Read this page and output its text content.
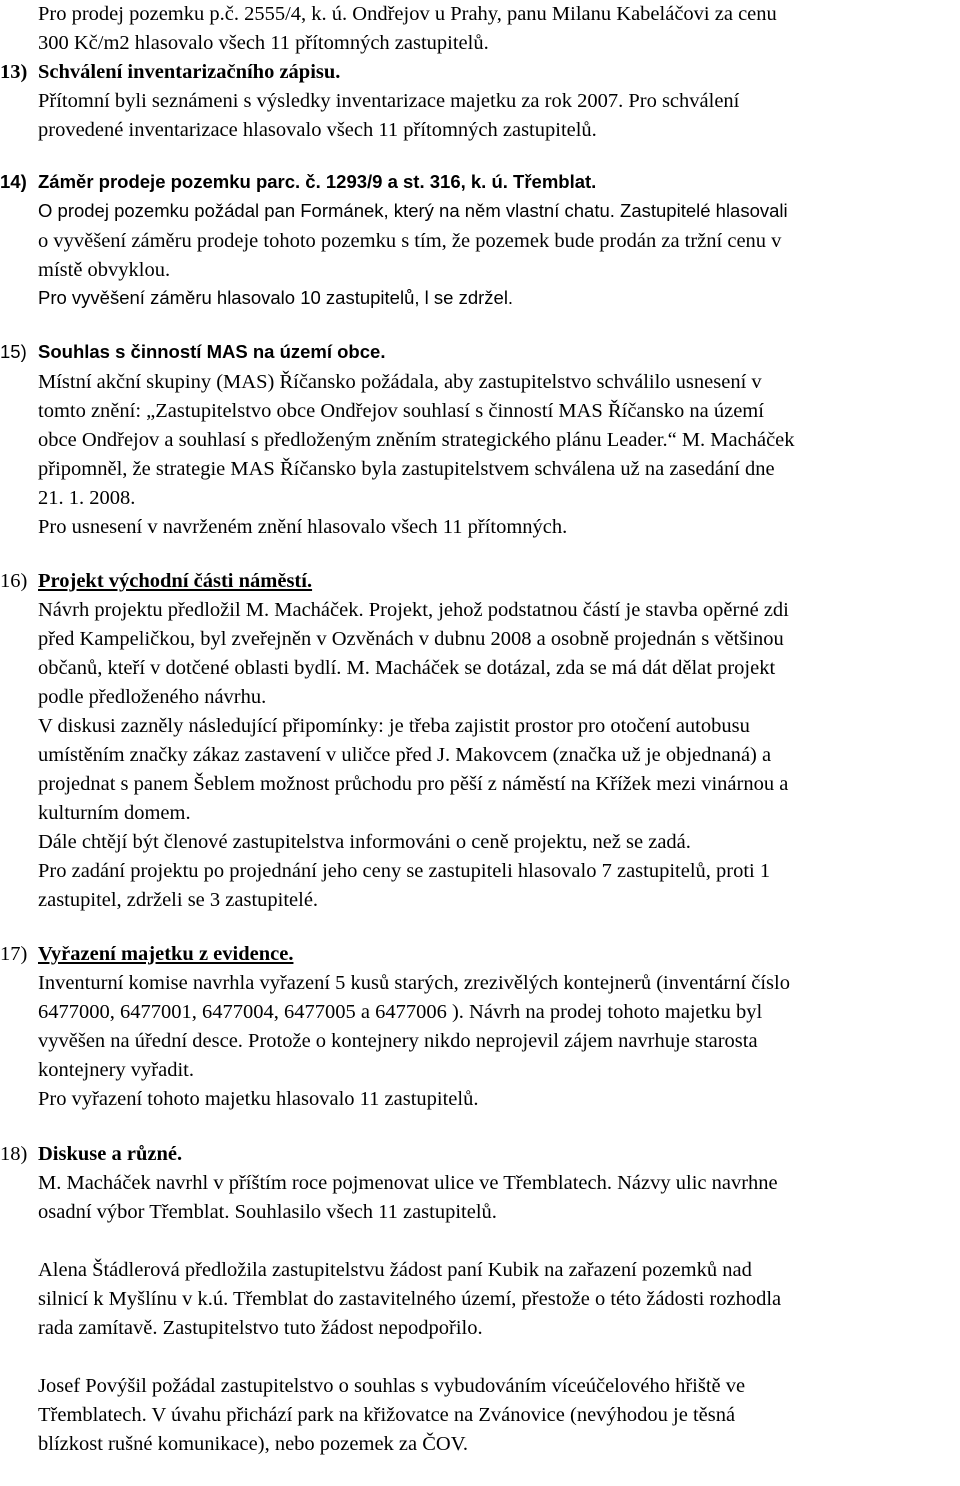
Pro prodej pozemku p.č. 2555/4, k. ú. Ondřejov u Prahy, panu Milanu Kabeláčovi za cenu
300 Kč/m2 hlasovalo všech 11 přítomných zastupitelů.
13) Schválení inventarizačního zápisu.
Přítomní byli seznámeni s výsledky inventarizace majetku za rok 2007. Pro schválení
provedené inventarizace hlasovalo všech 11 přítomných zastupitelů.
14) Záměr prodeje pozemku parc. č. 1293/9 a st. 316, k. ú. Třemblat.
O prodej pozemku požádal pan Formánek, který na něm vlastní chatu. Zastupitelé hlasovali
o vyvěšení záměru prodeje tohoto pozemku s tím, že pozemek bude prodán za tržní cenu v
místě obvyklou.
Pro vyvěšení záměru hlasovalo 10 zastupitelů, l se zdržel.
15) Souhlas s činností MAS na území obce.
Místní akční skupiny (MAS) Říčansko požádala, aby zastupitelstvo schválilo usnesení v
tomto znění: „Zastupitelstvo obce Ondřejov souhlasí s činností MAS Říčansko na území
obce Ondřejov a souhlasí s předloženým zněním strategického plánu Leader.“ M. Macháček
připomněl, že strategie MAS Říčansko byla zastupitelstvem schválena už na zasedání dne
21. 1. 2008.
Pro usnesení v navrženém znění hlasovalo všech 11 přítomných.
16) Projekt východní části náměstí.
Návrh projektu předložil M. Macháček. Projekt, jehož podstatnou částí je stavba opěrné zdi
před Kampeličkou, byl zveřejněn v Ozvěnách v dubnu 2008 a osobně projednán s většinou
občanů, kteří v dotčené oblasti bydlí. M. Macháček se dotázal, zda se má dát dělat projekt
podle předloženého návrhu.
V diskusi zazněly následující připomínky: je třeba zajistit prostor pro otočení autobusu
umístěním značky zákaz zastavení v uličce před J. Makovcem (značka už je objednaná) a
projednat s panem Šeblem možnost průchodu pro pěší z náměstí na Křížek mezi vinárnou a
kulturním domem.
Dále chtějí být členové zastupitelstva informováni o ceně projektu, než se zadá.
Pro zadání projektu po projednání jeho ceny se zastupiteli hlasovalo 7 zastupitelů, proti 1
zastupitel, zdrželi se 3 zastupitelé.
17) Vyřazení majetku z evidence.
Inventurní komise navrhla vyřazení 5 kusů starých, zrezivělých kontejnerů (inventární číslo
6477000, 6477001, 6477004, 6477005 a 6477006 ). Návrh na prodej tohoto majetku byl
vyvěšen na úřední desce. Protože o kontejnery nikdo neprojevil zájem navrhuje starosta
kontejnery vyřadit.
Pro vyřazení tohoto majetku hlasovalo 11 zastupitelů.
18) Diskuse a různé.
M. Macháček navrhl v příštím roce pojmenovat ulice ve Třemblatech. Názvy ulic navrhne
osadní výbor Třemblat. Souhlasilo všech 11 zastupitelů.
Alena Štádlerová předložila zastupitelstvu žádost paní Kubik na zařazení pozemků nad
silnicí k Myšlínu v k.ú. Třemblat do zastavitelného území, přestože o této žádosti rozhodla
rada zamítavě. Zastupitelstvo tuto žádost nepodpořilo.
Josef Povýšil požádal zastupitelstvo o souhlas s vybudováním víceúčelového hřiště ve
Třemblatech. V úvahu přichází park na křižovatce na Zvánovice (nevýhodou je těsná
blízkost rušné komunikace), nebo pozemek za ČOV.
